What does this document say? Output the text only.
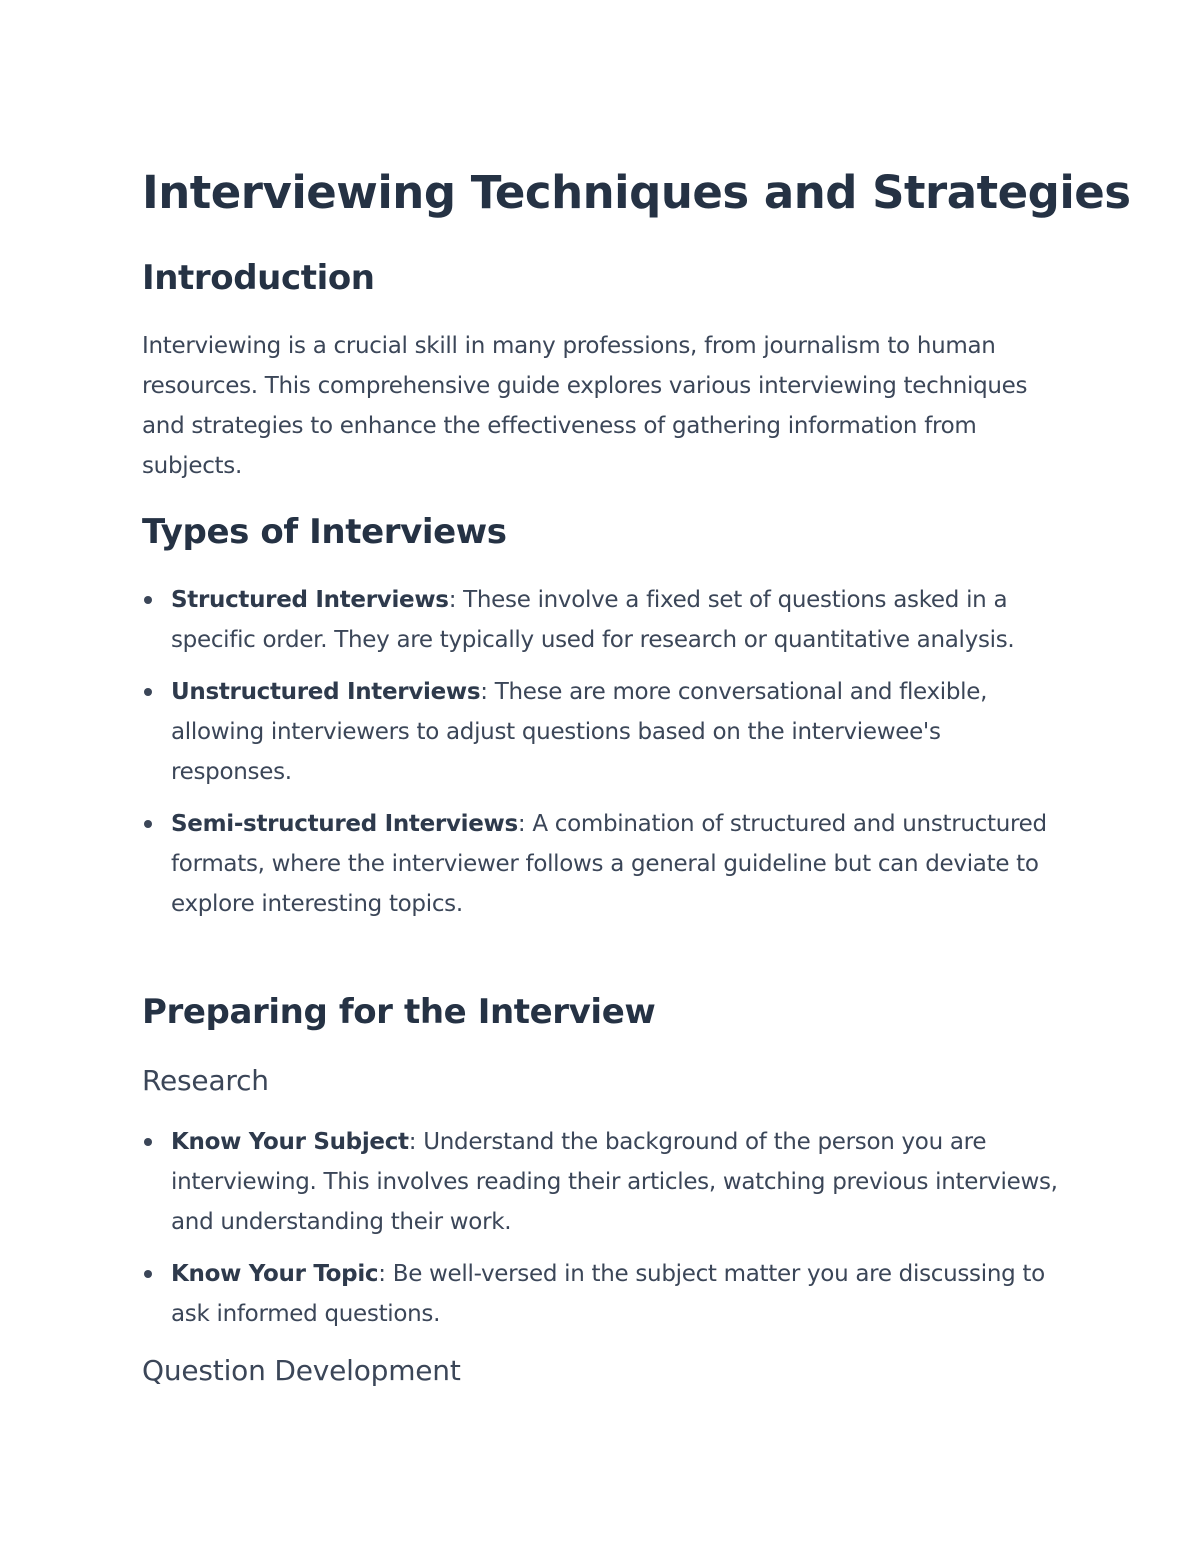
Interviewing Techniques and Strategies
Introduction

Interviewing is a crucial skill in many professions, from journalism to human resources. This comprehensive guide explores various interviewing techniques and strategies to enhance the effectiveness of gathering information from subjects.

Types of Interviews
Structured Interviews: These involve a fixed set of questions asked in a specific order. They are typically used for research or quantitative analysis.
Unstructured Interviews: These are more conversational and flexible, allowing interviewers to adjust questions based on the interviewee's responses.
Semi-structured Interviews: A combination of structured and unstructured formats, where the interviewer follows a general guideline but can deviate to explore interesting topics.
Preparing for the Interview
Research
Know Your Subject: Understand the background of the person you are interviewing. This involves reading their articles, watching previous interviews, and understanding their work.
Know Your Topic: Be well-versed in the subject matter you are discussing to ask informed questions.
Question Development
